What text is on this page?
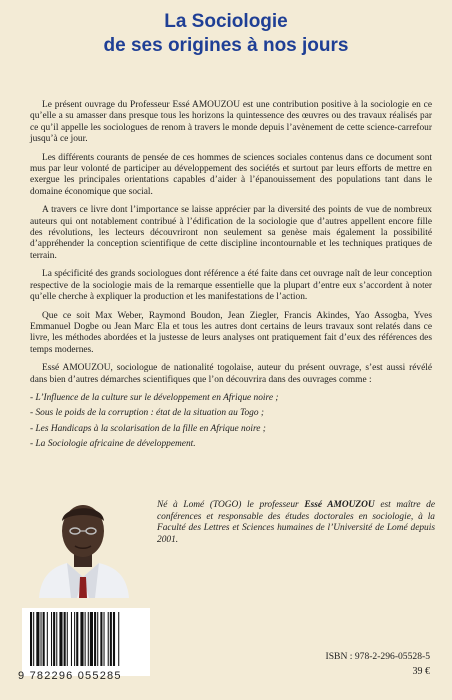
La Sociologie
de ses origines à nos jours

Le présent ouvrage du Professeur Essé AMOUZOU est une contribution positive à la sociologie en ce qu’elle a su amasser dans presque tous les horizons la quintessence des œuvres ou des travaux réalisés par ce qu’il appelle les sociologues de renom à travers le monde depuis l’avènement de cette science-carrefour jusqu’à ce jour.

Les différents courants de pensée de ces hommes de sciences sociales contenus dans ce document sont mus par leur volonté de participer au développement des sociétés et surtout par leurs efforts de mettre en exergue les principales orientations capables d’aider à l’épanouissement des populations tant dans le domaine économique que social.

A travers ce livre dont l’importance se laisse apprécier par la diversité des points de vue de nombreux auteurs qui ont notablement contribué à l’édification de la sociologie que d’autres appellent encore fille des révolutions, les lecteurs découvriront non seulement sa genèse mais également la possibilité d’appréhender la conception scientifique de cette discipline incontournable et les techniques pratiques de terrain.

La spécificité des grands sociologues dont référence a été faite dans cet ouvrage naît de leur conception respective de la sociologie mais de la remarque essentielle que la plupart d’entre eux s’accordent à noter qu’elle cherche à expliquer la production et les manifestations de l’action.

Que ce soit Max Weber, Raymond Boudon, Jean Ziegler, Francis Akindes, Yao Assogba, Yves Emmanuel Dogbe ou Jean Marc Ela et tous les autres dont certains de leurs travaux sont relatés dans ce livre, les méthodes abordées et la justesse de leurs analyses ont pratiquement fait d’eux des références des temps modernes.

Essé AMOUZOU, sociologue de nationalité togolaise, auteur du présent ouvrage, s’est aussi révélé dans bien d’autres démarches scientifiques que l’on découvrira dans des ouvrages comme :

- L’Influence de la culture sur le développement en Afrique noire ;
- Sous le poids de la corruption : état de la situation au Togo ;
- Les Handicaps à la scolarisation de la fille en Afrique noire ;
- La Sociologie africaine de développement.
Né à Lomé (TOGO) le professeur Essé AMOUZOU est maître de conférences et responsable des études doctorales en sociologie, à la Faculté des Lettres et Sciences humaines de l’Université de Lomé depuis 2001.
9 782296 055285
ISBN : 978-2-296-05528-5
39 €
